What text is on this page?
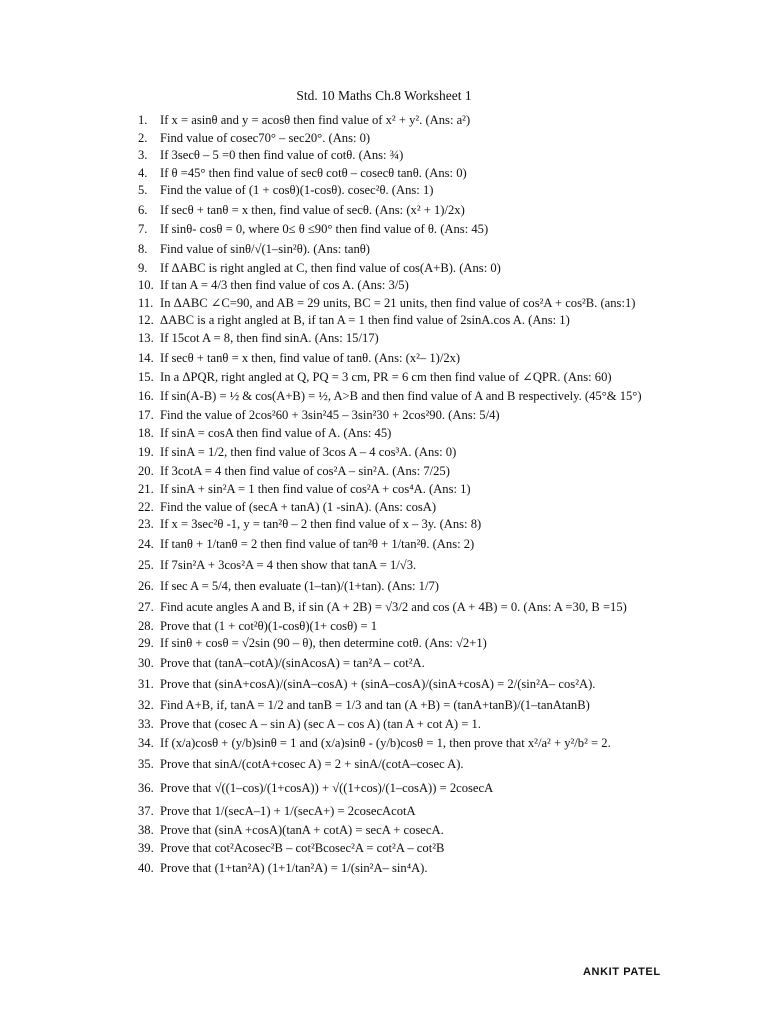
Std. 10 Maths Ch.8 Worksheet 1
1. If x = asinθ and y = acosθ then find value of x² + y². (Ans: a²)
2. Find value of cosec70° – sec20°. (Ans: 0)
3. If 3secθ – 5 =0 then find value of cotθ. (Ans: ¾)
4. If θ =45° then find value of secθ cotθ – cosecθ tanθ. (Ans: 0)
5. Find the value of (1 + cosθ)(1-cosθ). cosec²θ. (Ans: 1)
6. If secθ + tanθ = x then, find value of secθ. (Ans: (x² + 1)/2x)
7. If sinθ- cosθ = 0, where 0≤ θ ≤90° then find value of θ. (Ans: 45)
8. Find value of sinθ/√(1–sin²θ). (Ans: tanθ)
9. If ΔABC is right angled at C, then find value of cos(A+B). (Ans: 0)
10. If tan A = 4/3 then find value of cos A. (Ans: 3/5)
11. In ΔABC ∠C=90, and AB = 29 units, BC = 21 units, then find value of cos²A + cos²B. (ans:1)
12. ΔABC is a right angled at B, if tan A = 1 then find value of 2sinA.cos A. (Ans: 1)
13. If 15cot A = 8, then find sinA. (Ans: 15/17)
14. If secθ + tanθ = x then, find value of tanθ. (Ans: (x²– 1)/2x)
15. In a ΔPQR, right angled at Q, PQ = 3 cm, PR = 6 cm then find value of ∠QPR. (Ans: 60)
16. If sin(A-B) = ½ & cos(A+B) = ½, A>B and then find value of A and B respectively. (45°& 15°)
17. Find the value of 2cos²60 + 3sin²45 – 3sin²30 + 2cos²90. (Ans: 5/4)
18. If sinA = cosA then find value of A. (Ans: 45)
19. If sinA = 1/2, then find value of 3cos A – 4 cos³A. (Ans: 0)
20. If 3cotA = 4 then find value of cos²A – sin²A. (Ans: 7/25)
21. If sinA + sin²A = 1 then find value of cos²A + cos⁴A. (Ans: 1)
22. Find the value of (secA + tanA) (1 -sinA). (Ans: cosA)
23. If x = 3sec²θ -1, y = tan²θ – 2 then find value of x – 3y. (Ans: 8)
24. If tanθ + 1/tanθ = 2 then find value of tan²θ + 1/tan²θ. (Ans: 2)
25. If 7sin²A + 3cos²A = 4 then show that tanA = 1/√3.
26. If sec A = 5/4, then evaluate (1–tan)/(1+tan). (Ans: 1/7)
27. Find acute angles A and B, if sin (A + 2B) = √3/2 and cos (A + 4B) = 0. (Ans: A =30, B =15)
28. Prove that (1 + cot²θ)(1-cosθ)(1+ cosθ) = 1
29. If sinθ + cosθ = √2sin (90 – θ), then determine cotθ. (Ans: √2+1)
30. Prove that (tanA–cotA)/(sinAcosA) = tan²A – cot²A.
31. Prove that (sinA+cosA)/(sinA–cosA) + (sinA–cosA)/(sinA+cosA) = 2/(sin²A– cos²A).
32. Find A+B, if, tanA = 1/2 and tanB = 1/3 and tan (A +B) = (tanA+tanB)/(1–tanAtanB)
33. Prove that (cosec A – sin A) (sec A – cos A) (tan A + cot A) = 1.
34. If (x/a)cosθ + (y/b)sinθ = 1 and (x/a)sinθ - (y/b)cosθ = 1, then prove that x²/a² + y²/b² = 2.
35. Prove that sinA/(cotA+cosec A) = 2 + sinA/(cotA–cosec A).
36. Prove that √((1–cos)/(1+cosA)) + √((1+cos)/(1–cosA)) = 2cosecA
37. Prove that 1/(secA–1) + 1/(secA+) = 2cosecAcotA
38. Prove that (sinA +cosA)(tanA + cotA) = secA + cosecA.
39. Prove that cot²Acosec²B – cot²Bcosec²A = cot²A – cot²B
40. Prove that (1+tan²A) (1+1/tan²A) = 1/(sin²A– sin⁴A).
ANKIT PATEL
